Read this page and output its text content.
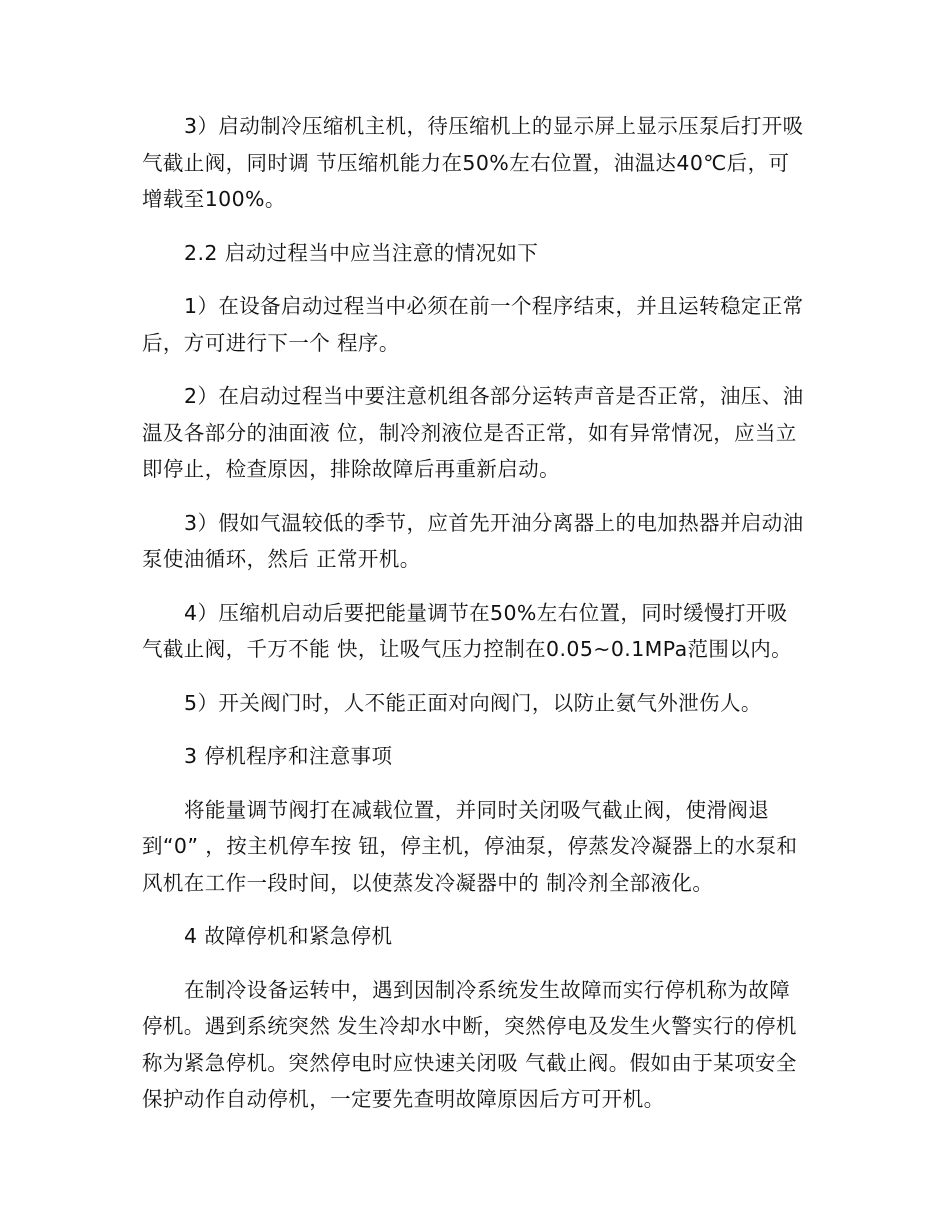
3）启动制冷压缩机主机，待压缩机上的显示屏上显示压泵后打开吸气截止阀，同时调 节压缩机能力在50%左右位置，油温达40℃后，可增载至100%。

2.2 启动过程当中应当注意的情况如下

1）在设备启动过程当中必须在前一个程序结束，并且运转稳定正常后，方可进行下一个 程序。

2）在启动过程当中要注意机组各部分运转声音是否正常，油压、油温及各部分的油面液 位，制冷剂液位是否正常，如有异常情况，应当立即停止，检查原因，排除故障后再重新启动。

3）假如气温较低的季节，应首先开油分离器上的电加热器并启动油泵使油循环，然后 正常开机。

4）压缩机启动后要把能量调节在50%左右位置，同时缓慢打开吸气截止阀，千万不能 快，让吸气压力控制在0.05~0.1MPa范围以内。

5）开关阀门时，人不能正面对向阀门，以防止氨气外泄伤人。

3 停机程序和注意事项

将能量调节阀打在减载位置，并同时关闭吸气截止阀，使滑阀退到“0” ，按主机停车按 钮，停主机，停油泵，停蒸发冷凝器上的水泵和风机在工作一段时间，以使蒸发冷凝器中的 制冷剂全部液化。

4 故障停机和紧急停机

在制冷设备运转中，遇到因制冷系统发生故障而实行停机称为故障停机。遇到系统突然 发生冷却水中断，突然停电及发生火警实行的停机称为紧急停机。突然停电时应快速关闭吸 气截止阀。假如由于某项安全保护动作自动停机，一定要先查明故障原因后方可开机。
